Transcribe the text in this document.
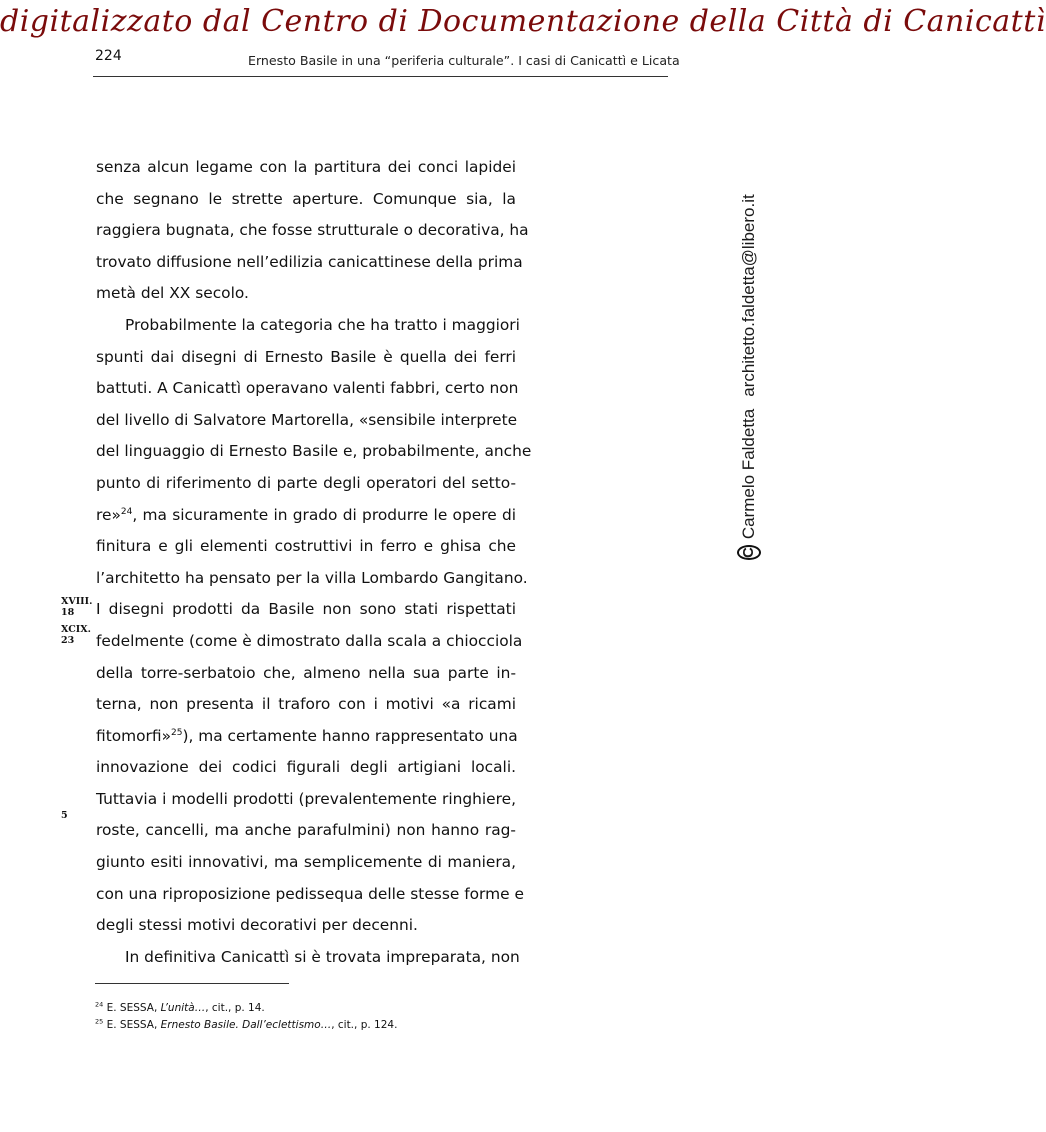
digitalizzato dal Centro di Documentazione della Città di Canicattì
224	Ernesto Basile in una “periferia culturale”. I casi di Canicattì e Licata
senza alcun legame con la partitura dei conci lapidei
che segnano le strette aperture. Comunque sia, la
raggiera bugnata, che fosse strutturale o decorativa, ha
trovato diffusione nell’edilizia canicattinese della prima
metà del XX secolo.
Probabilmente la categoria che ha tratto i maggiori
spunti dai disegni di Ernesto Basile è quella dei ferri
battuti. A Canicattì operavano valenti fabbri, certo non
del livello di Salvatore Martorella, «sensibile interprete
del linguaggio di Ernesto Basile e, probabilmente, anche
punto di riferimento di parte degli operatori del setto-
re»$^{24}$, ma sicuramente in grado di produrre le opere di
finitura e gli elementi costruttivi in ferro e ghisa che
l’architetto ha pensato per la villa Lombardo Gangitano.
I disegni prodotti da Basile non sono stati rispettati
fedelmente (come è dimostrato dalla scala a chiocciola
della torre-serbatoio che, almeno nella sua parte in-
terna, non presenta il traforo con i motivi «a ricami
fitomorfi»$^{25}$), ma certamente hanno rappresentato una
innovazione dei codici figurali degli artigiani locali.
Tuttavia i modelli prodotti (prevalentemente ringhiere,
roste, cancelli, ma anche parafulmini) non hanno rag-
giunto esiti innovativi, ma semplicemente di maniera,
con una riproposizione pedissequa delle stesse forme e
degli stessi motivi decorativi per decenni.
In definitiva Canicattì si è trovata impreparata, non
XVIII.
18
XCIX.
23
5
C
Carmelo Faldetta
architetto.faldetta@libero.it
$^{24}$ E. SESSA, L’unità…, cit., p. 14.
$^{25}$ E. SESSA, Ernesto Basile. Dall’eclettismo…, cit., p. 124.
